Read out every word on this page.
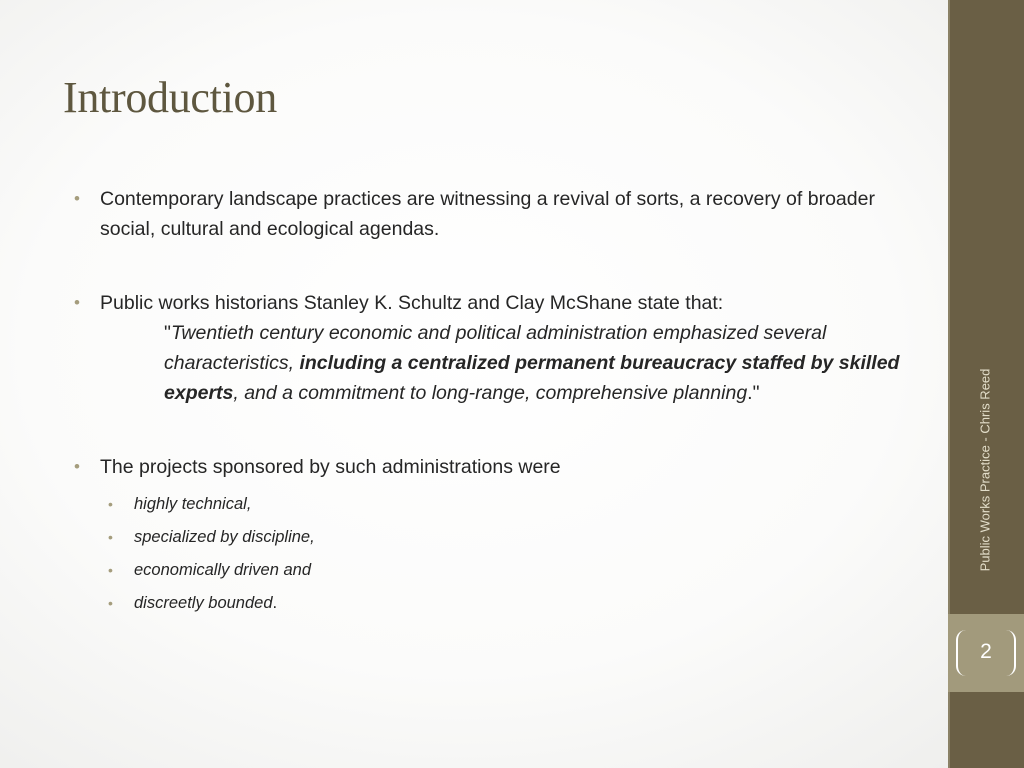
Introduction
• Contemporary landscape practices are witnessing a revival of sorts, a recovery of broader social, cultural and ecological agendas.
• Public works historians Stanley K. Schultz and Clay McShane state that:
"Twentieth century economic and political administration emphasized several characteristics, including a centralized permanent bureaucracy staffed by skilled experts, and a commitment to long-range, comprehensive planning."
• The projects sponsored by such administrations were
• highly technical,
• specialized by discipline,
• economically driven and
• discreetly bounded.
Public Works Practice - Chris Reed
2
